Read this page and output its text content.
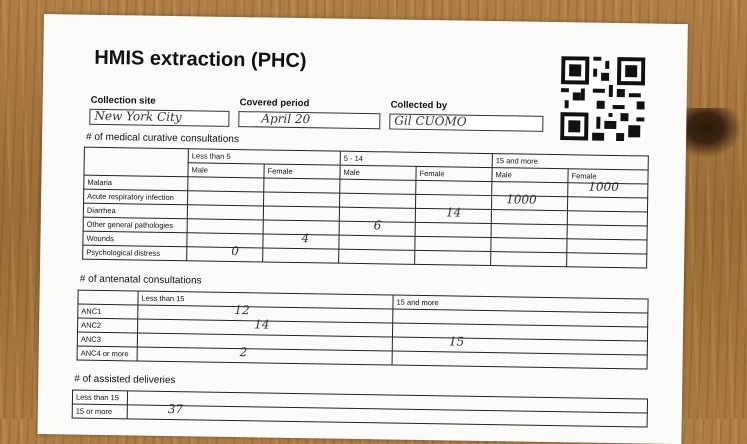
HMIS extraction (PHC)
Collection site
New York City
Covered period
April 20
Collected by
Gil CUOMO
# of medical curative consultations
	Less than 5		5 - 14		15 and more	
	Male	Female	Male	Female	Male	Female
Malaria						1000

Acute respiratory infection					1000	

Diarrhea				14		

Other general pathologies			6			

Wounds		4				

Psychological distress	0					

# of antenatal consultations
	Less than 15	15 and more
ANC1	12	

ANC2	14	

ANC3		15

ANC4 or more	2	

# of assisted deliveries
Less than 15	

15 or more	37
